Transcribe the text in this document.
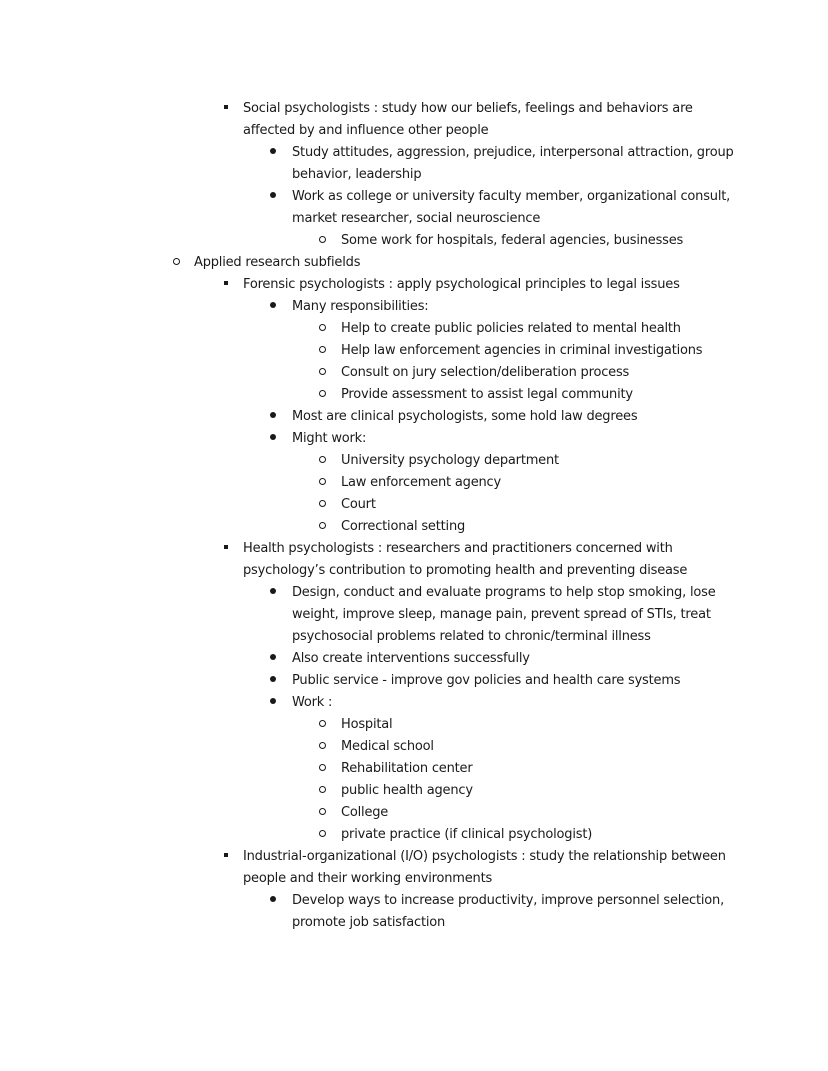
Social psychologists : study how our beliefs, feelings and behaviors are affected by and influence other people
Study attitudes, aggression, prejudice, interpersonal attraction, group behavior, leadership
Work as college or university faculty member, organizational consult, market researcher, social neuroscience
Some work for hospitals, federal agencies, businesses
Applied research subfields
Forensic psychologists : apply psychological principles to legal issues
Many responsibilities:
Help to create public policies related to mental health
Help law enforcement agencies in criminal investigations
Consult on jury selection/deliberation process
Provide assessment to assist legal community
Most are clinical psychologists, some hold law degrees
Might work:
University psychology department
Law enforcement agency
Court
Correctional setting
Health psychologists : researchers and practitioners concerned with psychology’s contribution to promoting health and preventing disease
Design, conduct and evaluate programs to help stop smoking, lose weight, improve sleep, manage pain, prevent spread of STIs, treat psychosocial problems related to chronic/terminal illness
Also create interventions successfully
Public service - improve gov policies and health care systems
Work :
Hospital
Medical school
Rehabilitation center
public health agency
College
private practice (if clinical psychologist)
Industrial-organizational (I/O) psychologists : study the relationship between people and their working environments
Develop ways to increase productivity, improve personnel selection, promote job satisfaction
